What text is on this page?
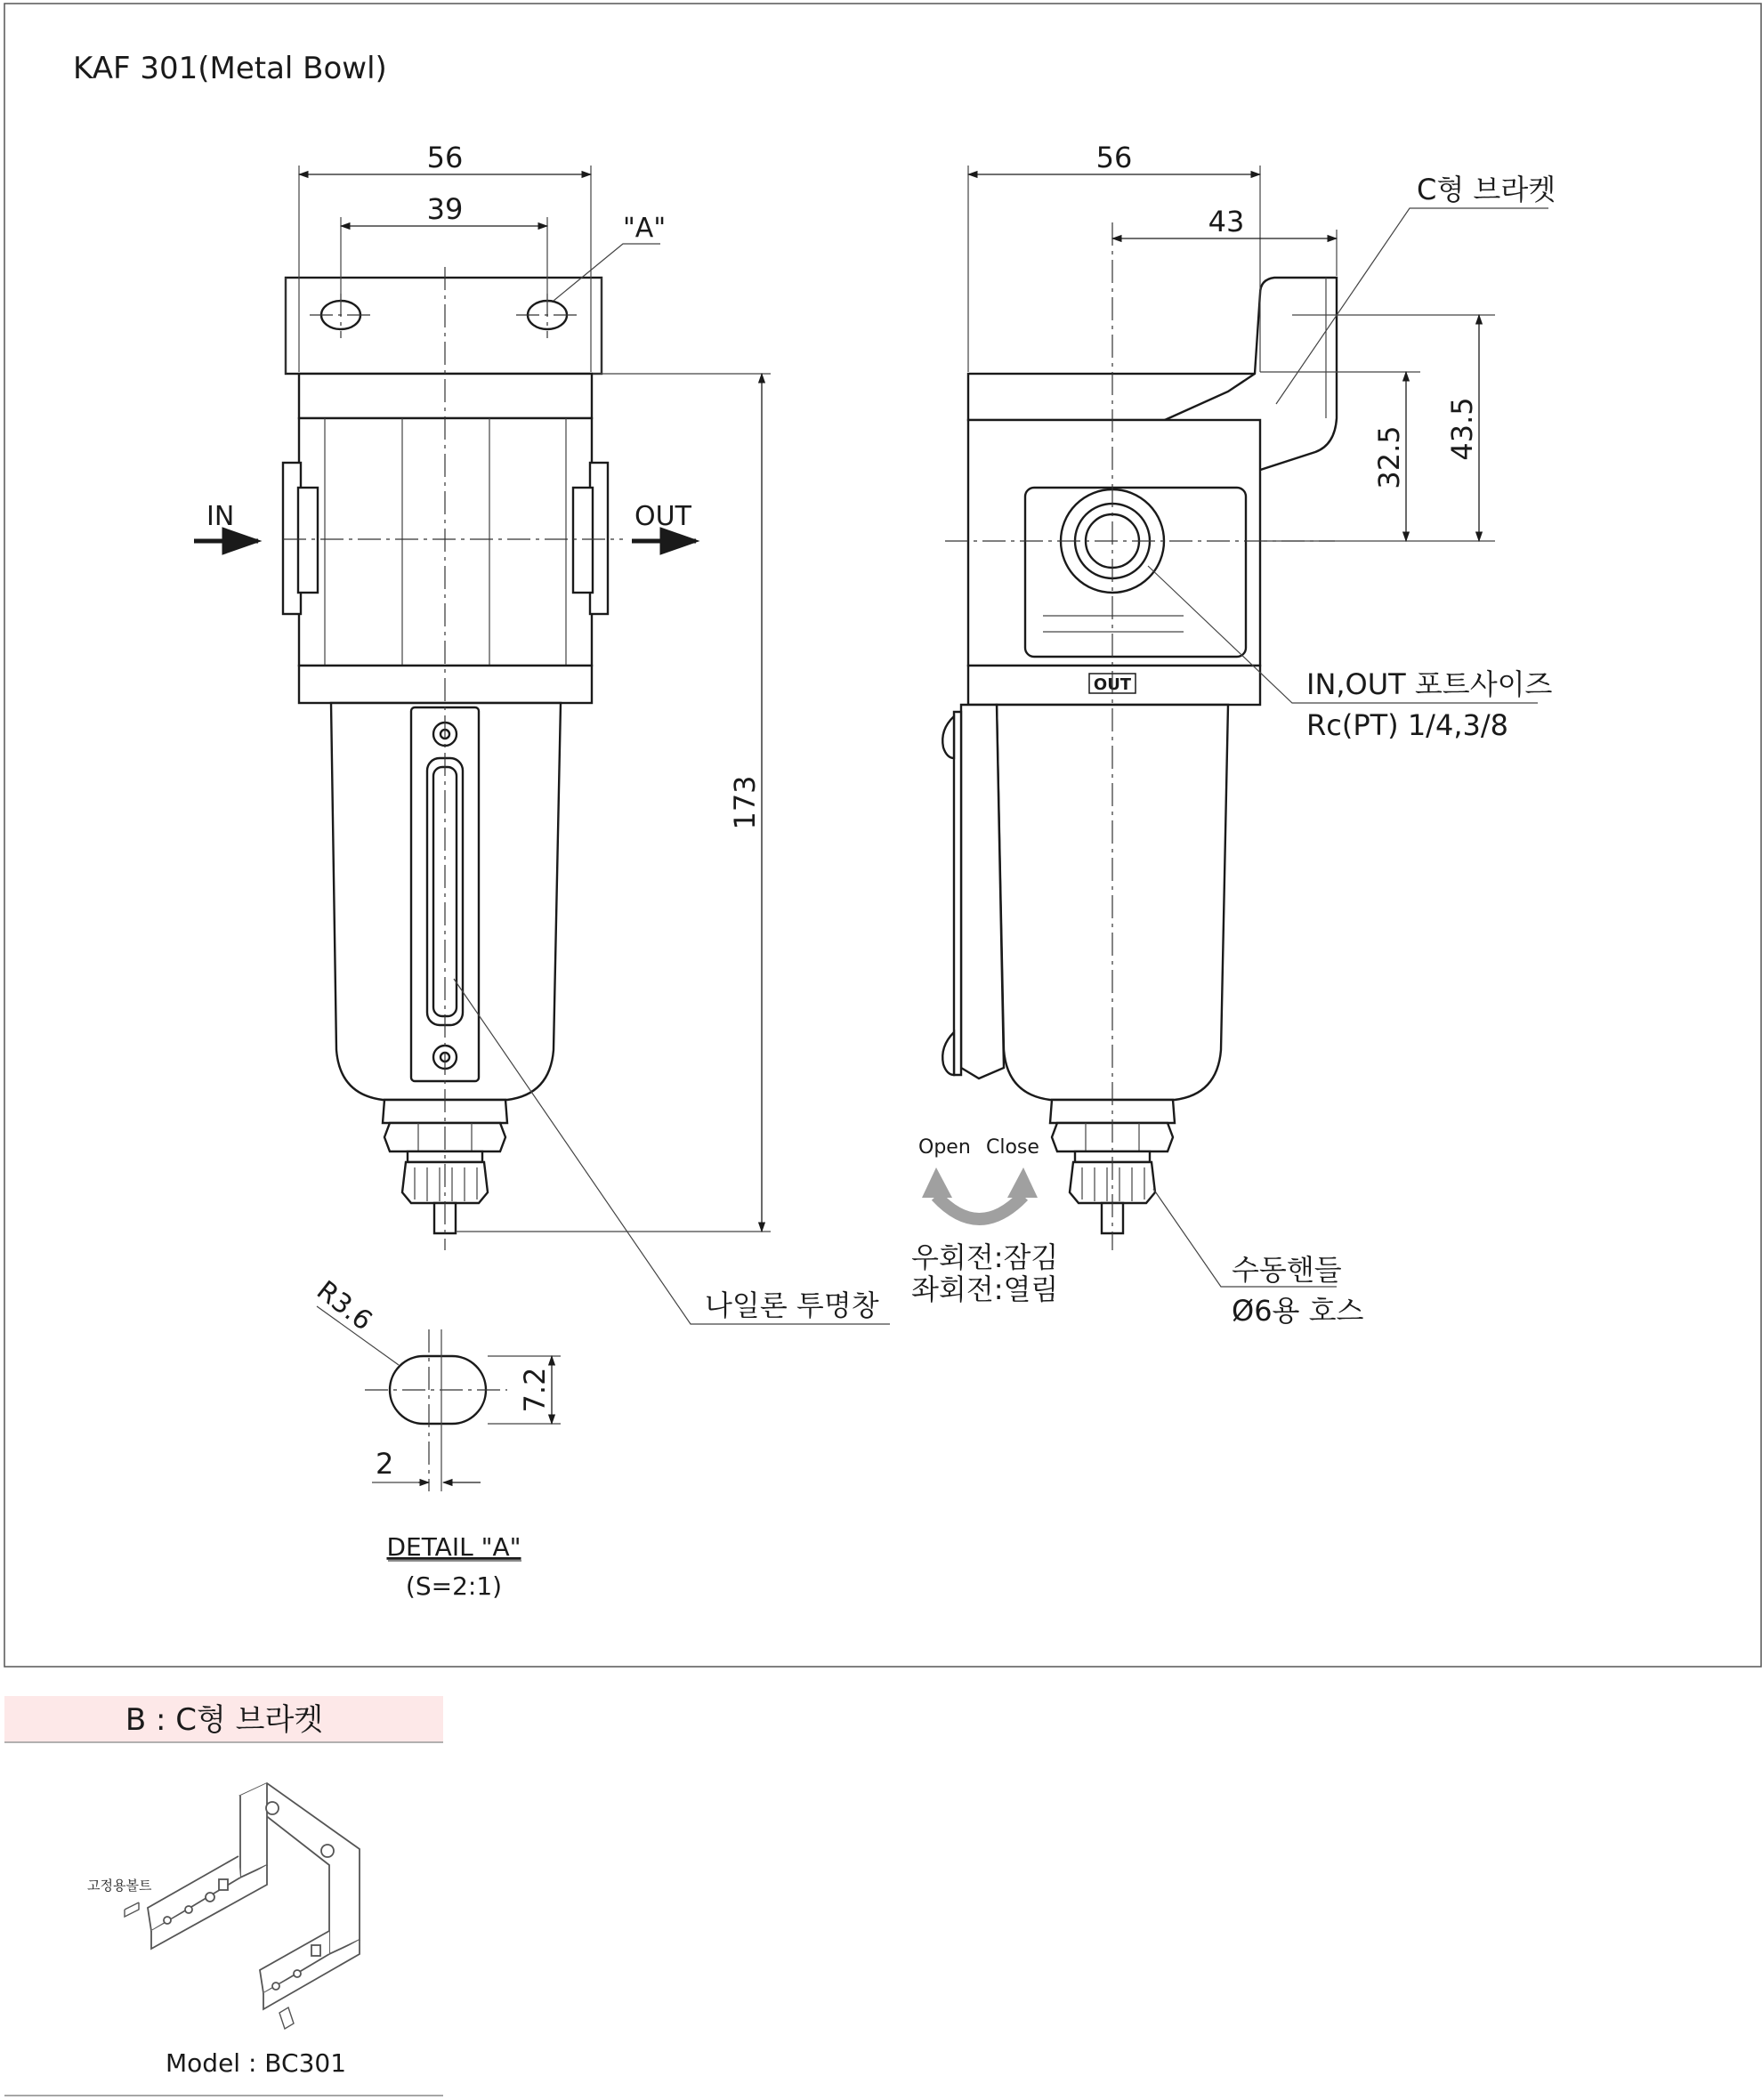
KAF 301(Metal Bowl)
IN	OUT
56
39
"A"
173
나일론 투명창
OUT
56
43
C형 브라켓
32.5 43.5
IN,OUT 포트사이즈
Rc(PT) 1/4,3/8
Open Close
우회전:잠김
좌회전:열림
수동핸들
Ø6용 호스
R3.6
7.2
2
DETAIL "A"
(S=2:1)
B : C형 브라켓
고정용볼트
Model : BC301
